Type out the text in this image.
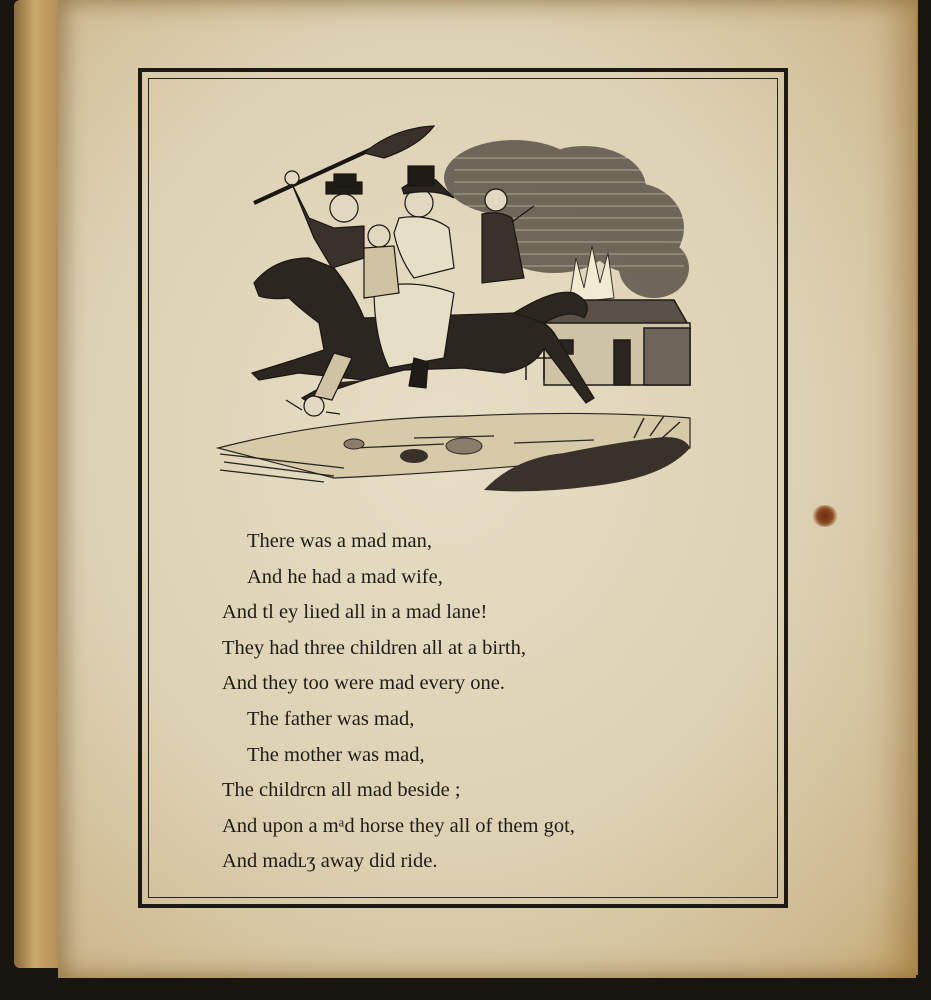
There was a mad man,
And he had a mad wife,
And tl ey liıed all in a mad lane!
They had three children all at a birth,
And they too were mad every one.
The father was mad,
The mother was mad,
The childrcn all mad beside ;
And upon a mᵃd horse they all of them got,
And madʟʒ away did ride.
